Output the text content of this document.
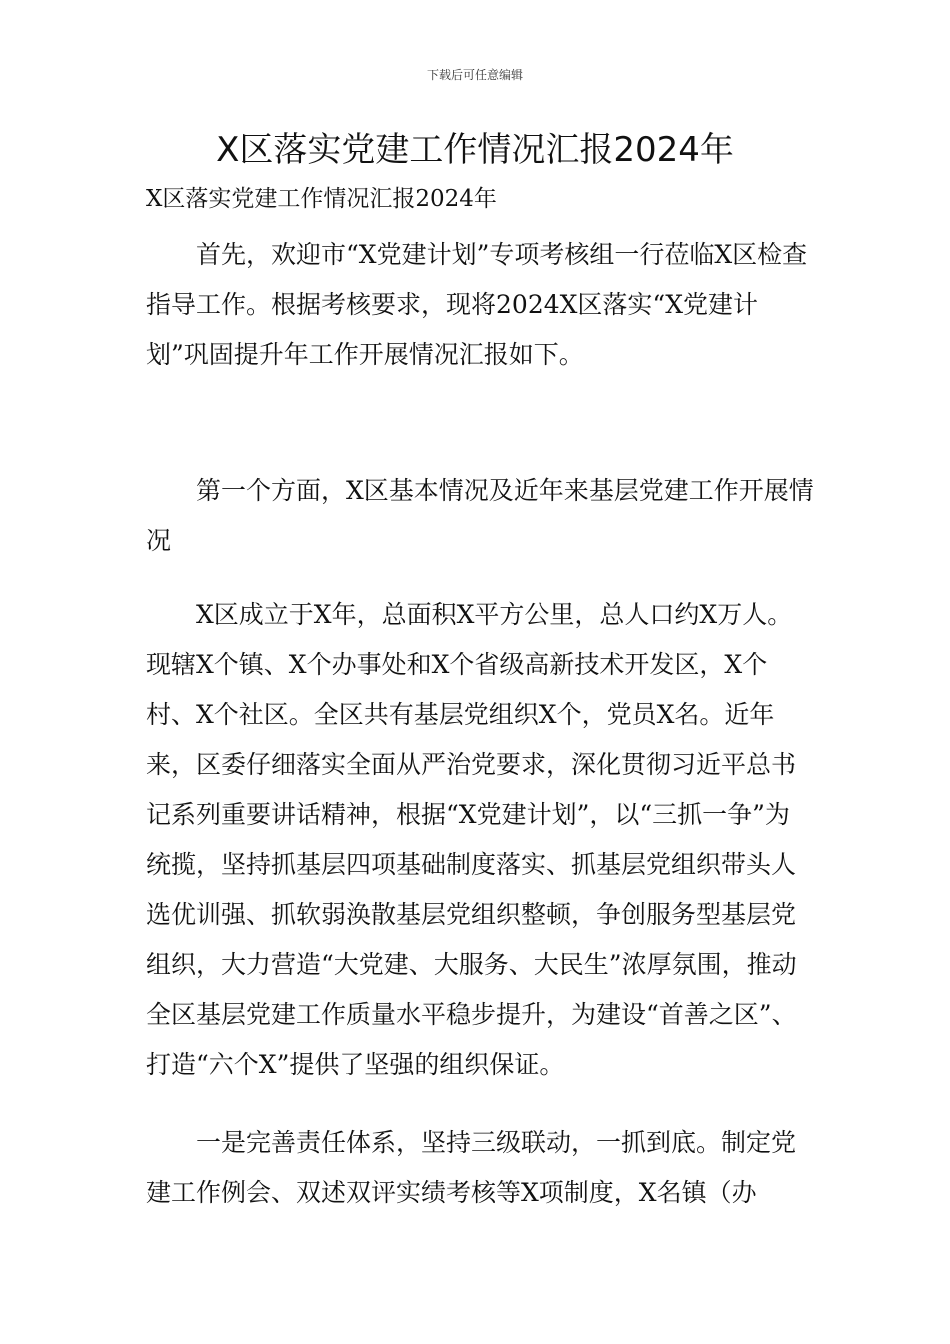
下载后可任意编辑
X区落实党建工作情况汇报2024年

X区落实党建工作情况汇报2024年

首先，欢迎市“X党建计划”专项考核组一行莅临X区检查指导工作。根据考核要求，现将2024X区落实“X党建计划”巩固提升年工作开展情况汇报如下。

第一个方面，X区基本情况及近年来基层党建工作开展情况

X区成立于X年，总面积X平方公里，总人口约X万人。现辖X个镇、X个办事处和X个省级高新技术开发区，X个村、X个社区。全区共有基层党组织X个，党员X名。近年来，区委仔细落实全面从严治党要求，深化贯彻习近平总书记系列重要讲话精神，根据“X党建计划”，以“三抓一争”为统揽，坚持抓基层四项基础制度落实、抓基层党组织带头人选优训强、抓软弱涣散基层党组织整顿，争创服务型基层党组织，大力营造“大党建、大服务、大民生”浓厚氛围，推动全区基层党建工作质量水平稳步提升，为建设“首善之区”、打造“六个X”提供了坚强的组织保证。

一是完善责任体系，坚持三级联动，一抓到底。制定党建工作例会、双述双评实绩考核等X项制度，X名镇（办
